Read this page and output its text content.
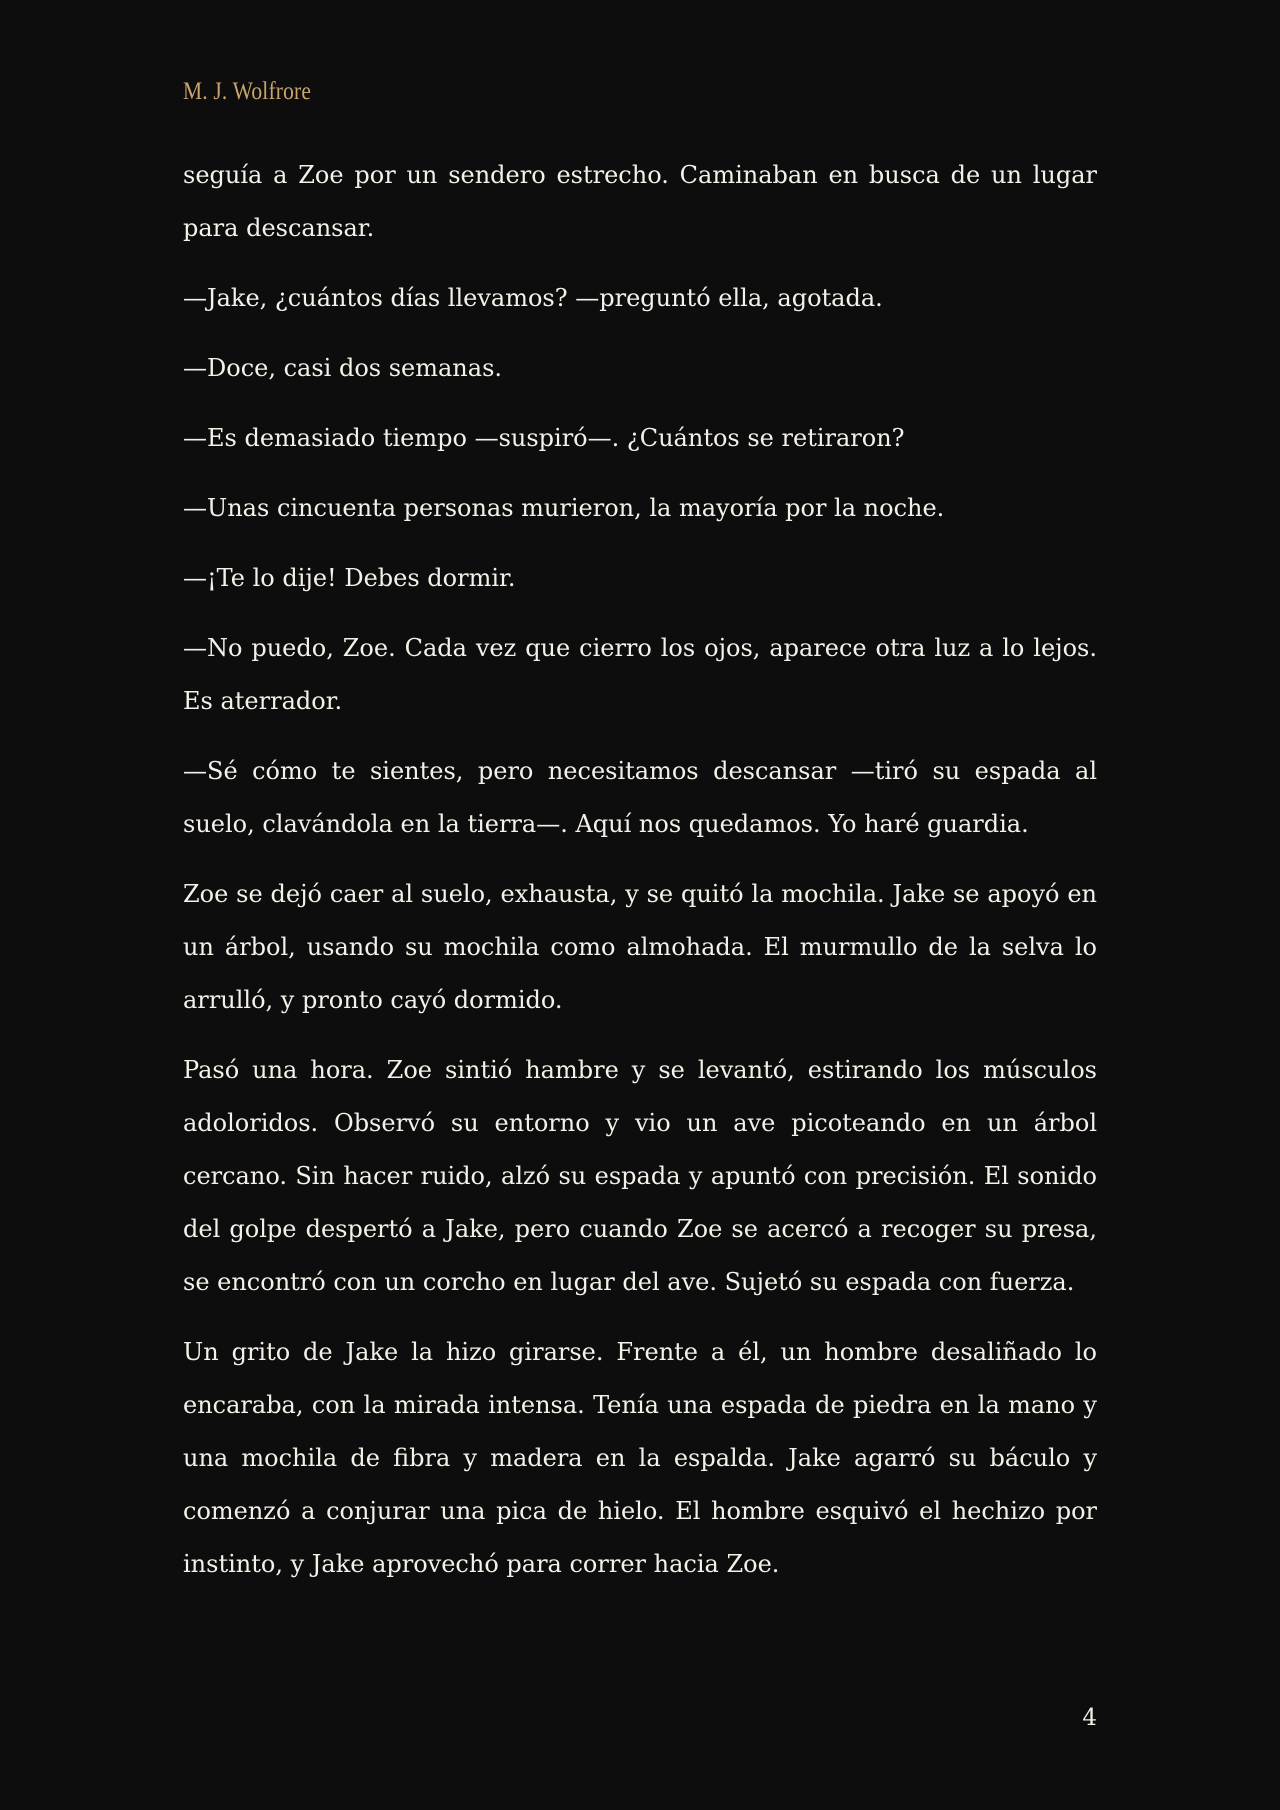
M. J. Wolfrore

seguía a Zoe por un sendero estrecho. Caminaban en busca de un lugar para descansar.

—Jake, ¿cuántos días llevamos? —preguntó ella, agotada.

—Doce, casi dos semanas.

—Es demasiado tiempo —suspiró—. ¿Cuántos se retiraron?

—Unas cincuenta personas murieron, la mayoría por la noche.

—¡Te lo dije! Debes dormir.

—No puedo, Zoe. Cada vez que cierro los ojos, aparece otra luz a lo lejos. Es aterrador.

—Sé cómo te sientes, pero necesitamos descansar —tiró su espada al suelo, clavándola en la tierra—. Aquí nos quedamos. Yo haré guardia.

Zoe se dejó caer al suelo, exhausta, y se quitó la mochila. Jake se apoyó en un árbol, usando su mochila como almohada. El murmullo de la selva lo arrulló, y pronto cayó dormido.

Pasó una hora. Zoe sintió hambre y se levantó, estirando los músculos adoloridos. Observó su entorno y vio un ave picoteando en un árbol cercano. Sin hacer ruido, alzó su espada y apuntó con precisión. El sonido del golpe despertó a Jake, pero cuando Zoe se acercó a recoger su presa, se encontró con un corcho en lugar del ave. Sujetó su espada con fuerza.

Un grito de Jake la hizo girarse. Frente a él, un hombre desaliñado lo encaraba, con la mirada intensa. Tenía una espada de piedra en la mano y una mochila de fibra y madera en la espalda. Jake agarró su báculo y comenzó a conjurar una pica de hielo. El hombre esquivó el hechizo por instinto, y Jake aprovechó para correr hacia Zoe.

4
